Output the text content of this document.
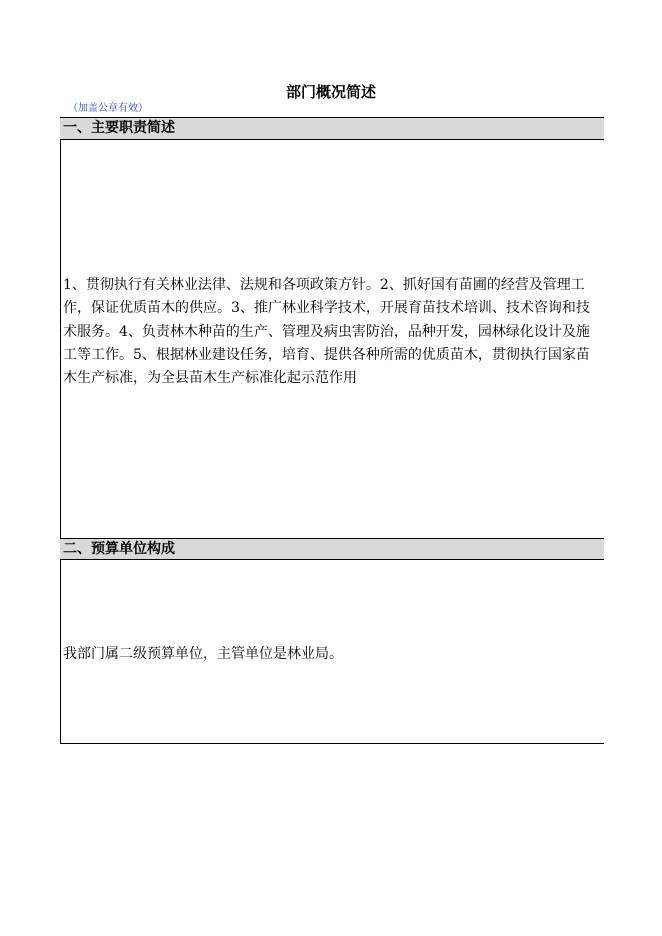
部门概况简述
（加盖公章有效）
一、主要职责简述
1、贯彻执行有关林业法律、法规和各项政策方针。2、抓好国有苗圃的经营及管理工作，保证优质苗木的供应。3、推广林业科学技术，开展育苗技术培训、技术咨询和技术服务。4、负责林木种苗的生产、管理及病虫害防治，品种开发，园林绿化设计及施工等工作。5、根据林业建设任务，培育、提供各种所需的优质苗木，贯彻执行国家苗木生产标准，为全县苗木生产标准化起示范作用
二、预算单位构成
我部门属二级预算单位，主管单位是林业局。
